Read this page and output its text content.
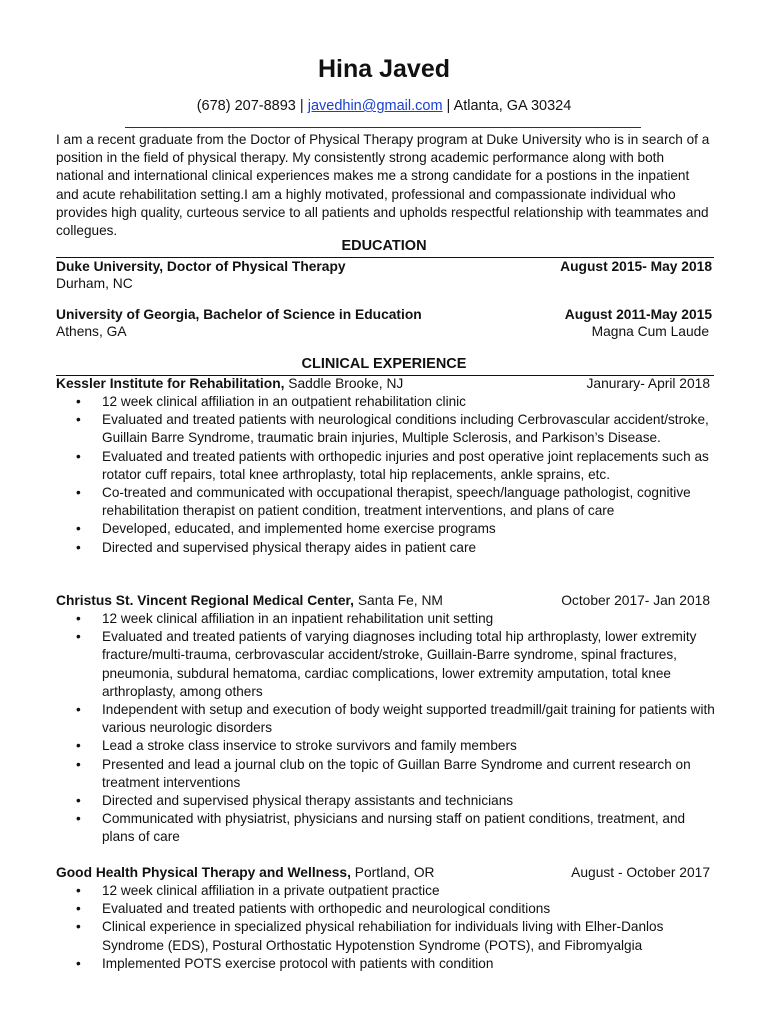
Hina Javed
(678) 207-8893 | javedhin@gmail.com | Atlanta, GA 30324
I am a recent graduate from the Doctor of Physical Therapy program at Duke University who is in search of a position in the field of physical therapy. My consistently strong academic performance along with both national and international clinical experiences makes me a strong candidate for a postions in the inpatient and acute rehabilitation setting.I am a highly motivated, professional and compassionate individual who provides high quality, curteous service to all patients and upholds respectful relationship with teammates and collegues.
EDUCATION
Duke University, Doctor of Physical Therapy	August 2015- May 2018
Durham, NC
University of Georgia, Bachelor of Science in Education	August 2011-May 2015
Athens, GA	Magna Cum Laude
CLINICAL EXPERIENCE
Kessler Institute for Rehabilitation, Saddle Brooke, NJ	Janurary- April 2018
• 12 week clinical affiliation in an outpatient rehabilitation clinic
• Evaluated and treated patients with neurological conditions including Cerbrovascular accident/stroke, Guillain Barre Syndrome, traumatic brain injuries, Multiple Sclerosis, and Parkison’s Disease.
• Evaluated and treated patients with orthopedic injuries and post operative joint replacements such as rotator cuff repairs, total knee arthroplasty, total hip replacements, ankle sprains, etc.
• Co-treated and communicated with occupational therapist, speech/language pathologist, cognitive rehabilitation therapist on patient condition, treatment interventions, and plans of care
• Developed, educated, and implemented home exercise programs
• Directed and supervised physical therapy aides in patient care
Christus St. Vincent Regional Medical Center, Santa Fe, NM	October 2017- Jan 2018
• 12 week clinical affiliation in an inpatient rehabilitation unit setting
• Evaluated and treated patients of varying diagnoses including total hip arthroplasty, lower extremity fracture/multi-trauma, cerbrovascular accident/stroke, Guillain-Barre syndrome, spinal fractures, pneumonia, subdural hematoma, cardiac complications, lower extremity amputation, total knee arthroplasty, among others
• Independent with setup and execution of body weight supported treadmill/gait training for patients with various neurologic disorders
• Lead a stroke class inservice to stroke survivors and family members
• Presented and lead a journal club on the topic of Guillan Barre Syndrome and current research on treatment interventions
• Directed and supervised physical therapy assistants and technicians
• Communicated with physiatrist, physicians and nursing staff on patient conditions, treatment, and plans of care
Good Health Physical Therapy and Wellness, Portland, OR	August - October 2017
• 12 week clinical affiliation in a private outpatient practice
• Evaluated and treated patients with orthopedic and neurological conditions
• Clinical experience in specialized physical rehabiliation for individuals living with Elher-Danlos Syndrome (EDS), Postural Orthostatic Hypotenstion Syndrome (POTS), and Fibromyalgia
• Implemented POTS exercise protocol with patients with condition
